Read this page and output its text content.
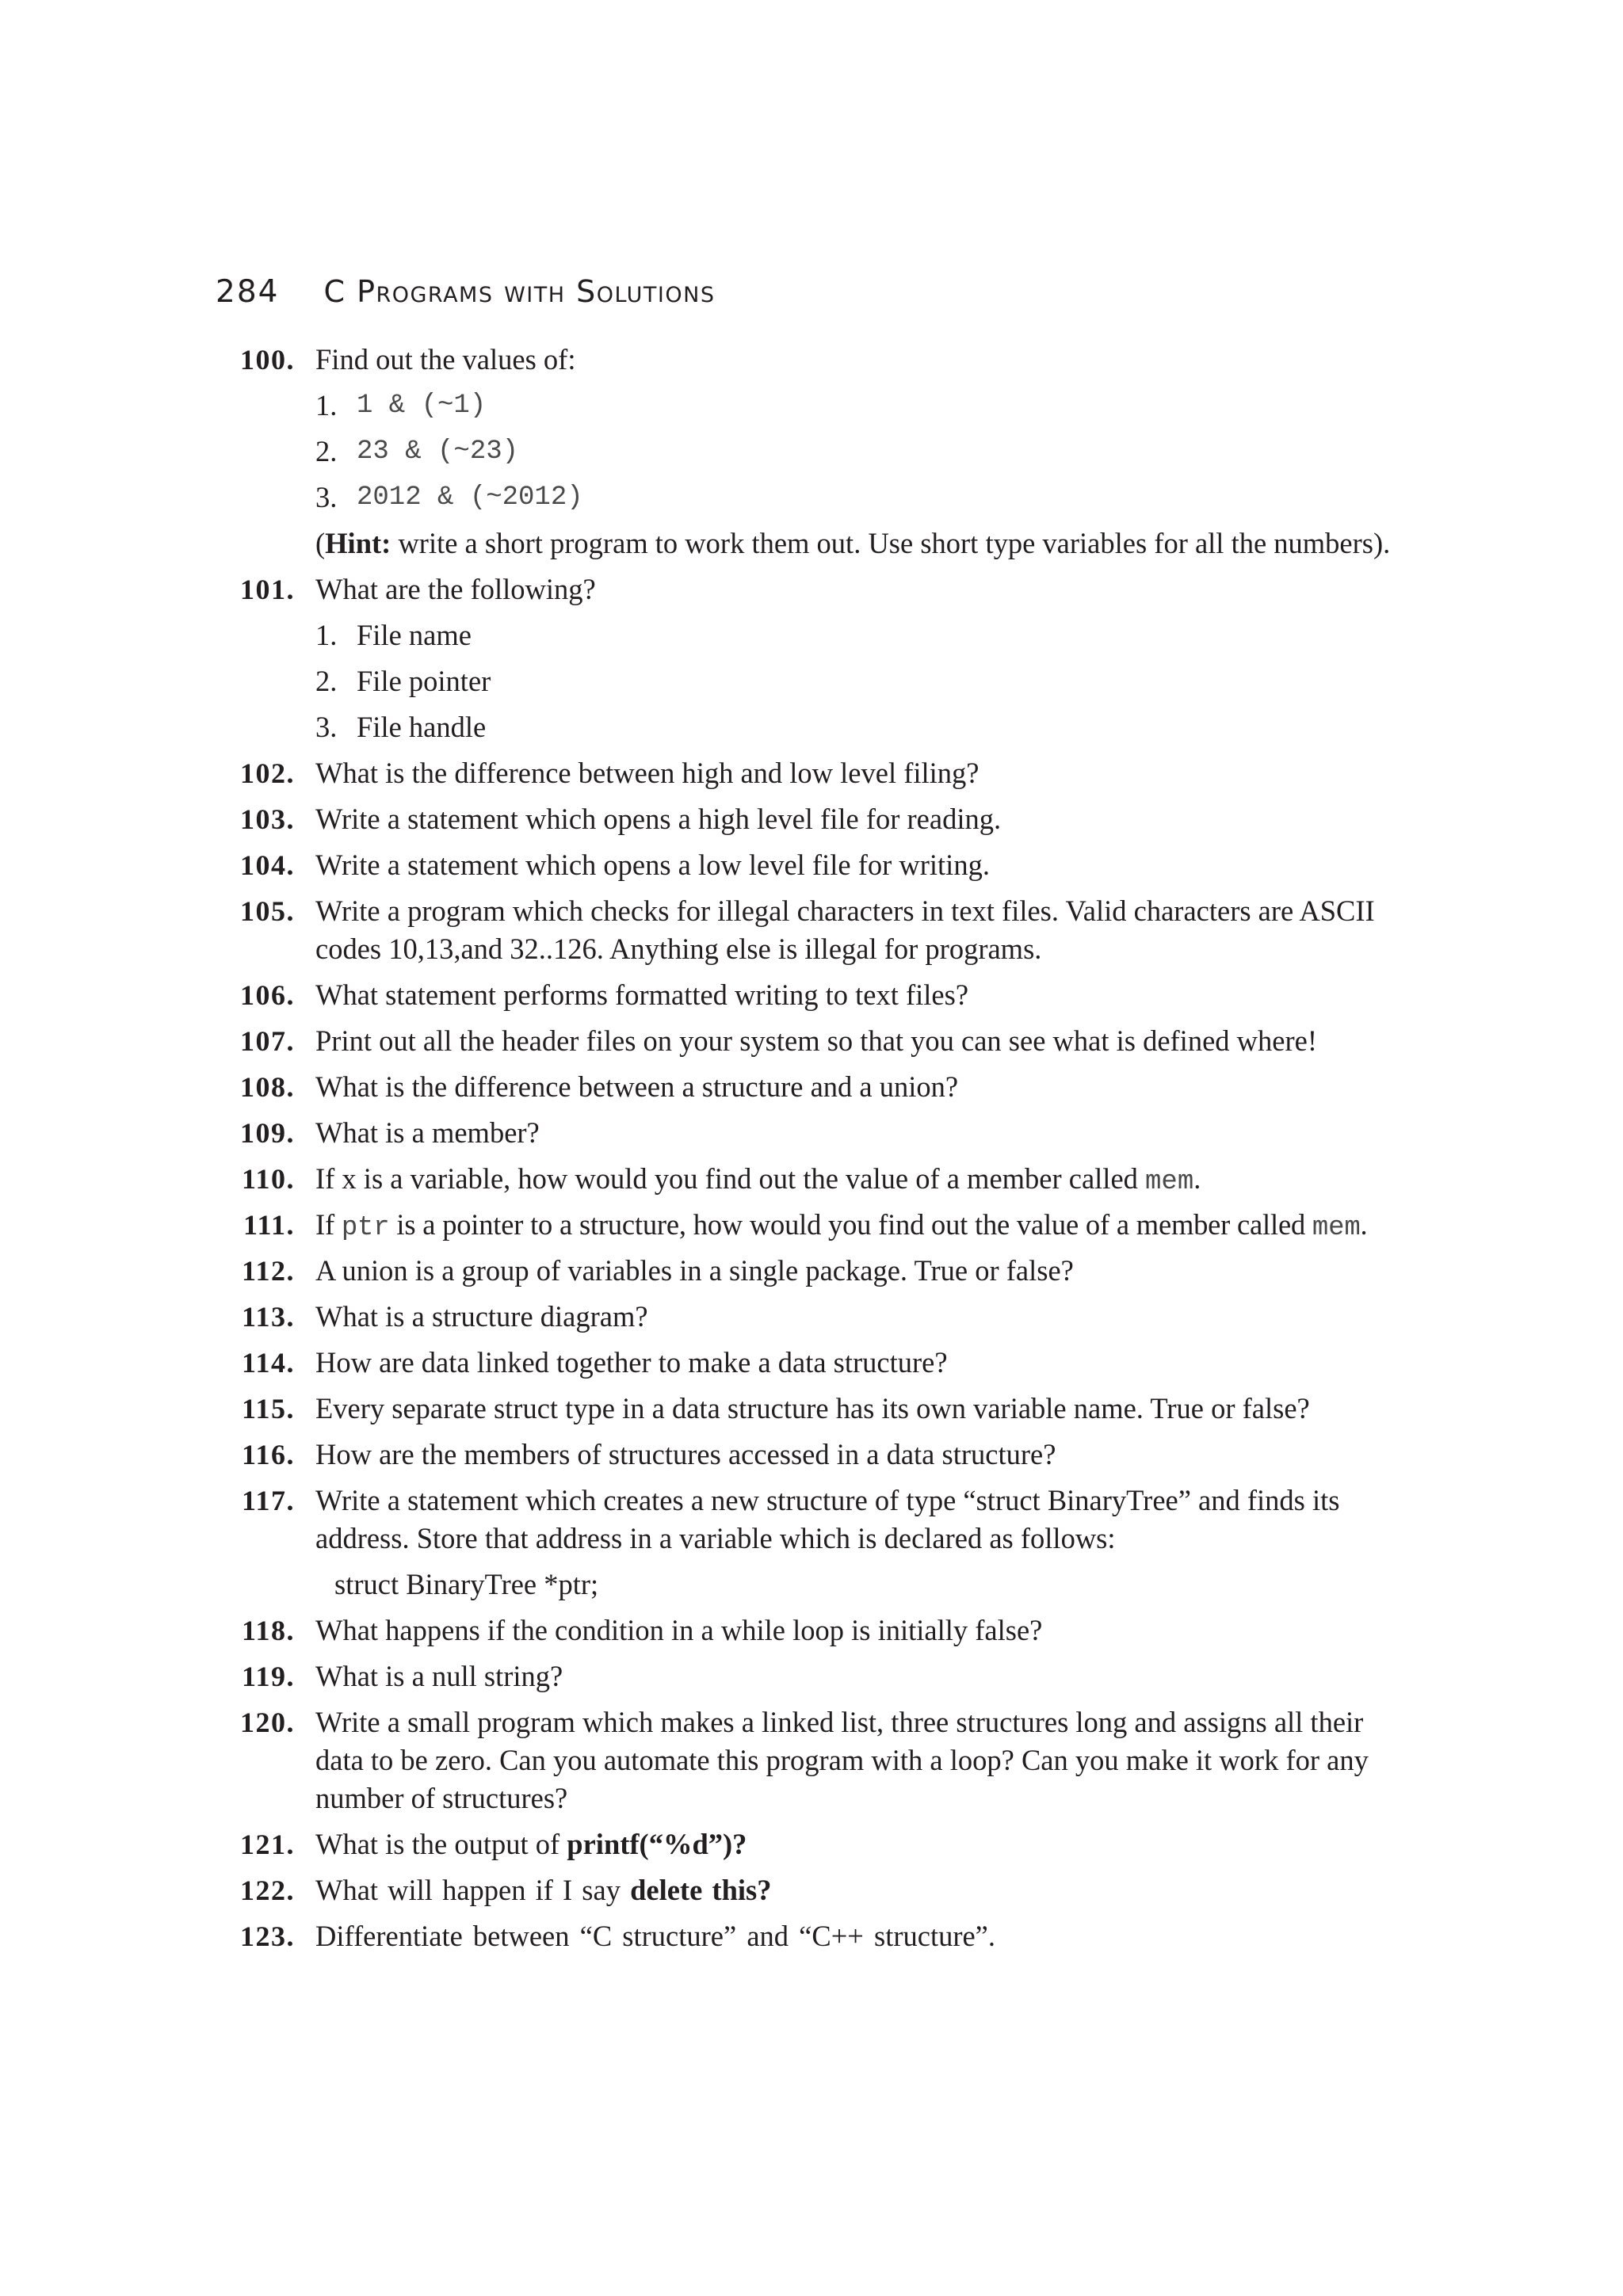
284 C Programs with Solutions
100. Find out the values of:
1. 1 & (~1)
2. 23 & (~23)
3. 2012 & (~2012)
(Hint: write a short program to work them out. Use short type variables for all the numbers).
101. What are the following?
1. File name
2. File pointer
3. File handle
102. What is the difference between high and low level filing?
103. Write a statement which opens a high level file for reading.
104. Write a statement which opens a low level file for writing.
105. Write a program which checks for illegal characters in text files. Valid characters are ASCII
codes 10,13,and 32..126. Anything else is illegal for programs.
106. What statement performs formatted writing to text files?
107. Print out all the header files on your system so that you can see what is defined where!
108. What is the difference between a structure and a union?
109. What is a member?
110. If x is a variable, how would you find out the value of a member called mem.
111. If ptr is a pointer to a structure, how would you find out the value of a member called mem.
112. A union is a group of variables in a single package. True or false?
113. What is a structure diagram?
114. How are data linked together to make a data structure?
115. Every separate struct type in a data structure has its own variable name. True or false?
116. How are the members of structures accessed in a data structure?
117. Write a statement which creates a new structure of type “struct BinaryTree” and finds its
address. Store that address in a variable which is declared as follows:
struct BinaryTree *ptr;
118. What happens if the condition in a while loop is initially false?
119. What is a null string?
120. Write a small program which makes a linked list, three structures long and assigns all their
data to be zero. Can you automate this program with a loop? Can you make it work for any
number of structures?
121. What is the output of printf(“%d”)?
122. What will happen if I say delete this?
123. Differentiate between “C structure” and “C++ structure”.
